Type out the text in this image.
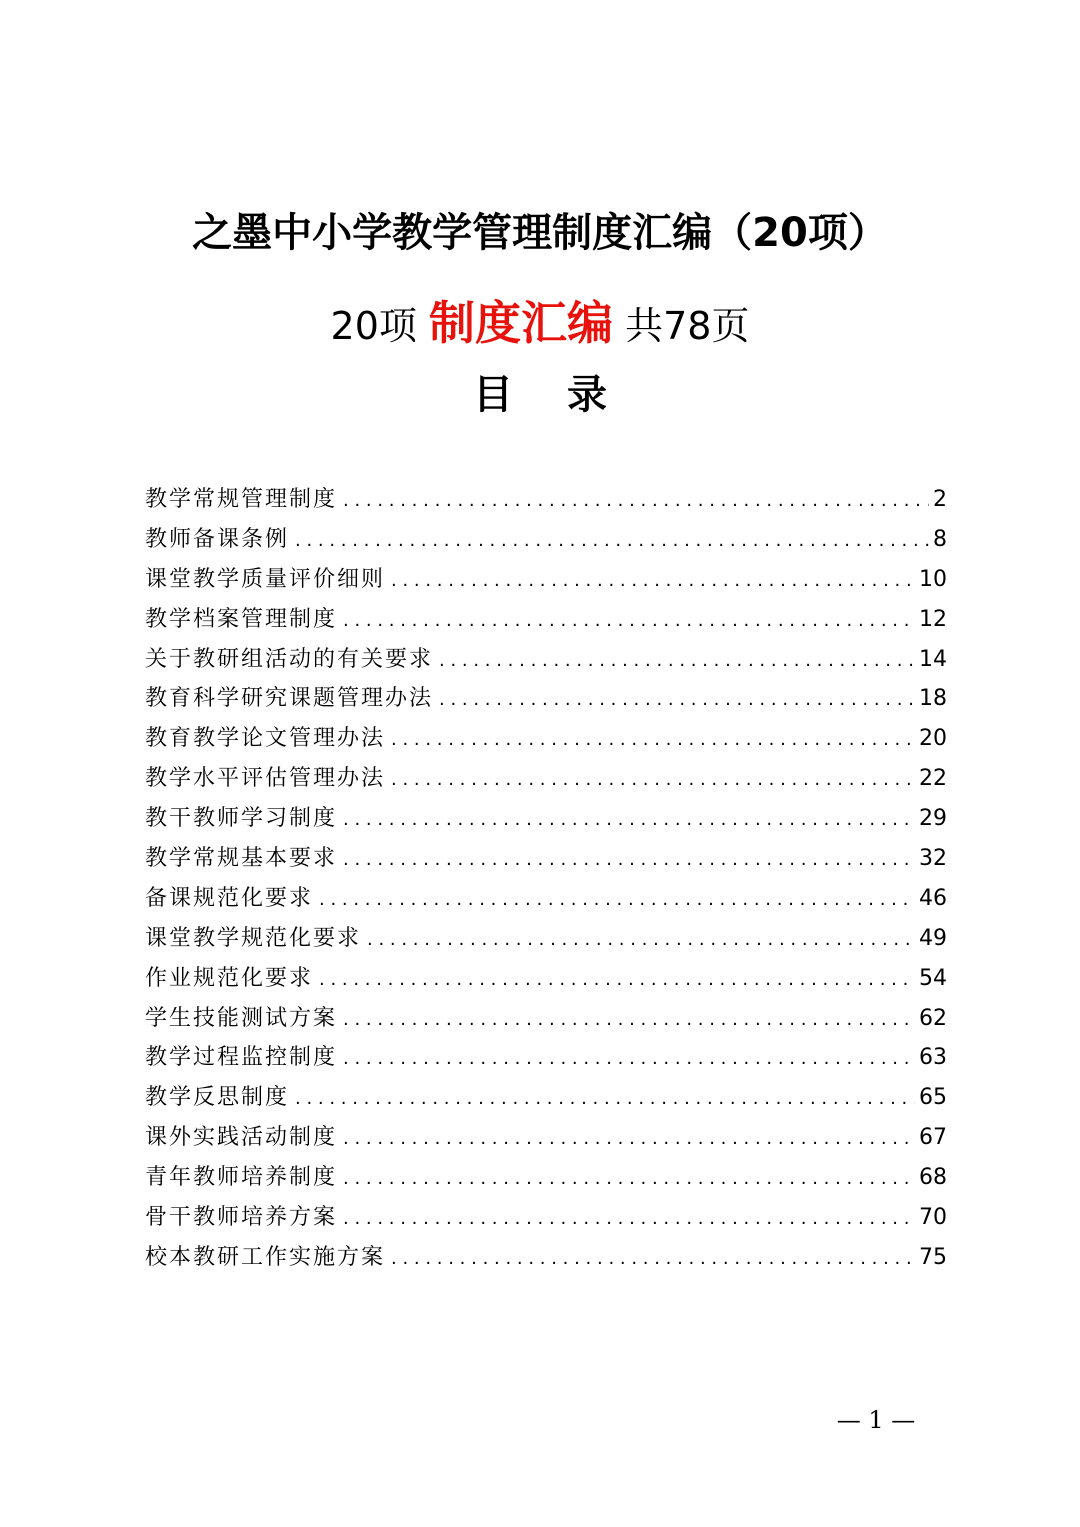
之墨中小学教学管理制度汇编（20项）
20项 制度汇编 共78页
目录
教学常规管理制度 . . .	2
教师备课条例 . . .	8
课堂教学质量评价细则 . . .	10
教学档案管理制度 . . .	12
关于教研组活动的有关要求 . . .	14
教育科学研究课题管理办法 . . .	18
教育教学论文管理办法 . . .	20
教学水平评估管理办法 . . .	22
教干教师学习制度 . . .	29
教学常规基本要求 . . .	32
备课规范化要求 . . .	46
课堂教学规范化要求 . . .	49
作业规范化要求 . . .	54
学生技能测试方案 . . .	62
教学过程监控制度 . . .	63
教学反思制度 . . .	65
课外实践活动制度 . . .	67
青年教师培养制度 . . .	68
骨干教师培养方案 . . .	70
校本教研工作实施方案 . . .	75
— 1 —
